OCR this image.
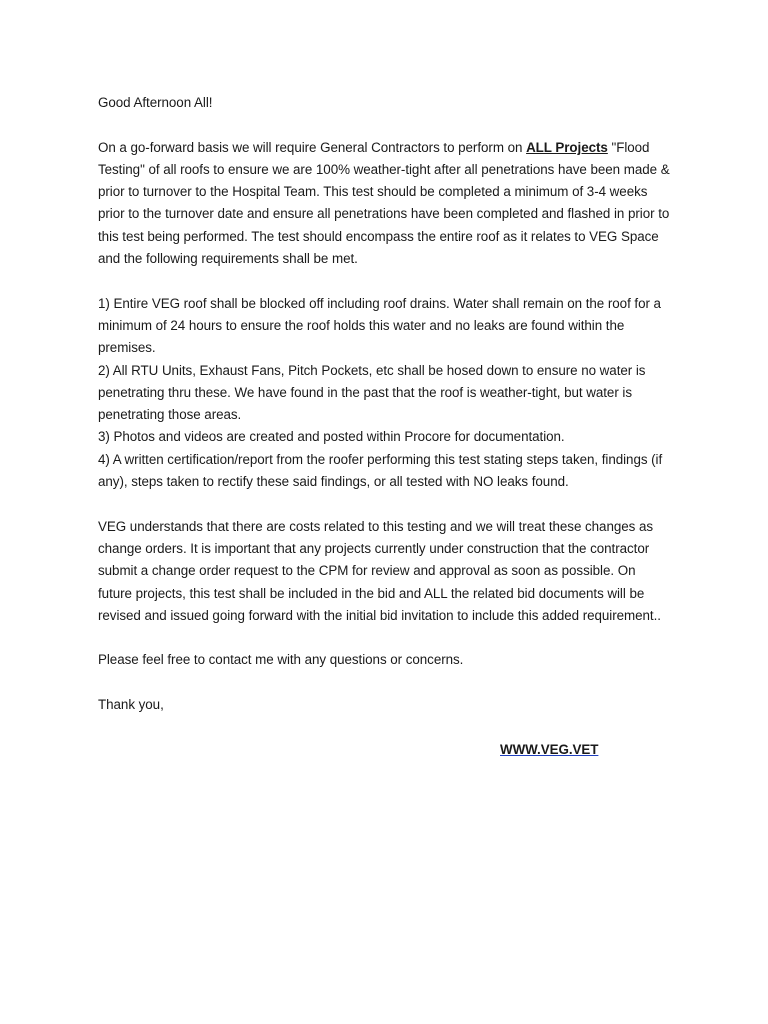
Good Afternoon All!

On a go-forward basis we will require General Contractors to perform on ALL Projects "Flood Testing" of all roofs to ensure we are 100% weather-tight after all penetrations have been made & prior to turnover to the Hospital Team. This test should be completed a minimum of 3-4 weeks prior to the turnover date and ensure all penetrations have been completed and flashed in prior to this test being performed. The test should encompass the entire roof as it relates to VEG Space and the following requirements shall be met.

1) Entire VEG roof shall be blocked off including roof drains. Water shall remain on the roof for a minimum of 24 hours to ensure the roof holds this water and no leaks are found within the premises.

2) All RTU Units, Exhaust Fans, Pitch Pockets, etc shall be hosed down to ensure no water is penetrating thru these. We have found in the past that the roof is weather-tight, but water is penetrating those areas.

3) Photos and videos are created and posted within Procore for documentation.

4) A written certification/report from the roofer performing this test stating steps taken, findings (if any), steps taken to rectify these said findings, or all tested with NO leaks found.

VEG understands that there are costs related to this testing and we will treat these changes as change orders. It is important that any projects currently under construction that the contractor submit a change order request to the CPM for review and approval as soon as possible. On future projects, this test shall be included in the bid and ALL the related bid documents will be revised and issued going forward with the initial bid invitation to include this added requirement..

Please feel free to contact me with any questions or concerns.

Thank you,

WWW.VEG.VET
